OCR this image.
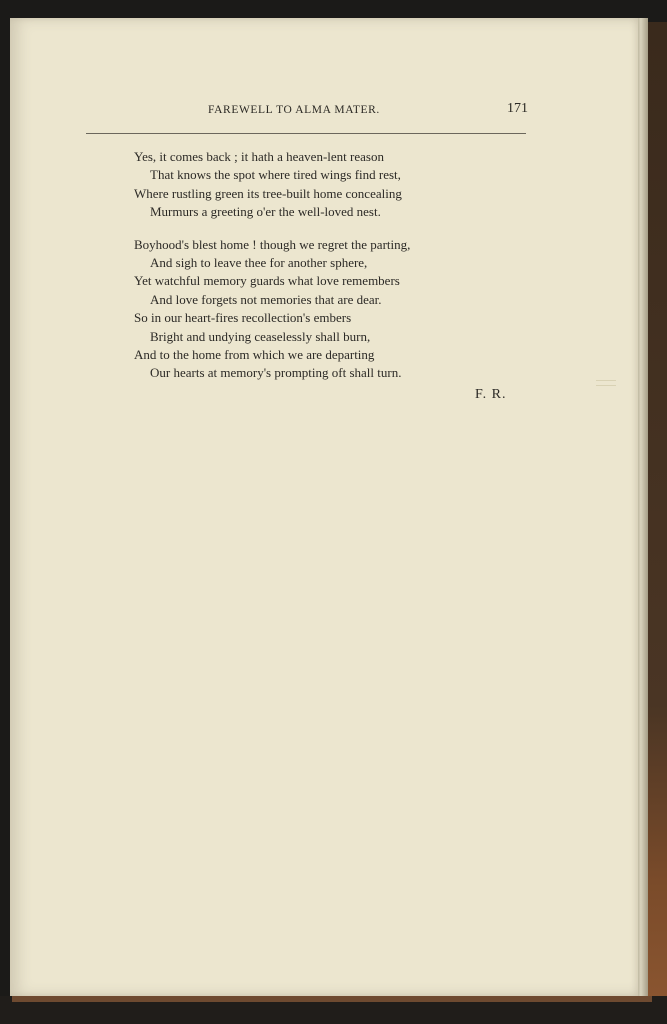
FAREWELL TO ALMA MATER.	171
Yes, it comes back ; it hath a heaven-lent reason
That knows the spot where tired wings find rest,
Where rustling green its tree-built home concealing
Murmurs a greeting o'er the well-loved nest.
Boyhood's blest home ! though we regret the parting,
And sigh to leave thee for another sphere,
Yet watchful memory guards what love remembers
And love forgets not memories that are dear.
So in our heart-fires recollection's embers
Bright and undying ceaselessly shall burn,
And to the home from which we are departing
Our hearts at memory's prompting oft shall turn.
F. R.
